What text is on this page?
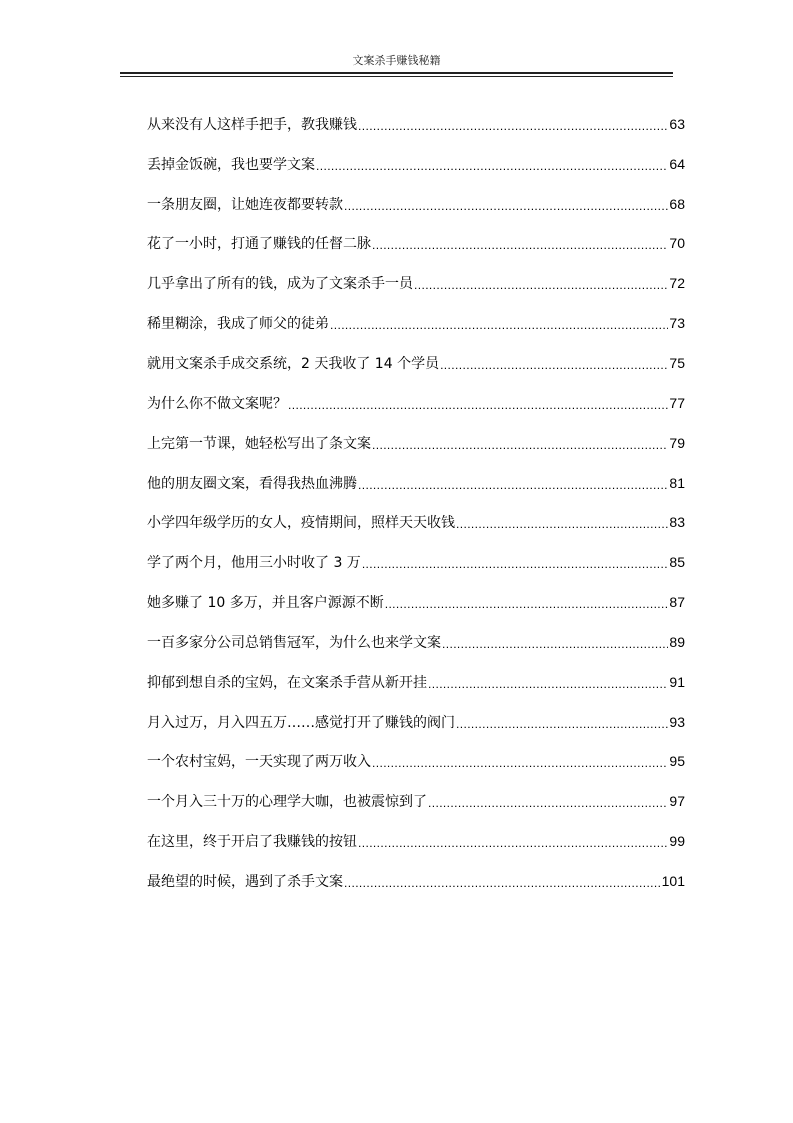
文案杀手赚钱秘籍
从来没有人这样手把手，教我赚钱 .....	63
丢掉金饭碗，我也要学文案 .....	64
一条朋友圈，让她连夜都要转款 .....	68
花了一小时，打通了赚钱的任督二脉 .....	70
几乎拿出了所有的钱，成为了文案杀手一员 .....	72
稀里糊涂，我成了师父的徒弟 .....	73
就用文案杀手成交系统，2 天我收了 14 个学员 .....	75
为什么你不做文案呢？ .....	77
上完第一节课，她轻松写出了条文案 .....	79
他的朋友圈文案，看得我热血沸腾 .....	81
小学四年级学历的女人，疫情期间，照样天天收钱 .....	83
学了两个月，他用三小时收了 3 万 .....	85
她多赚了 10 多万，并且客户源源不断 .....	87
一百多家分公司总销售冠军，为什么也来学文案 .....	89
抑郁到想自杀的宝妈，在文案杀手营从新开挂 .....	91
月入过万，月入四五万……感觉打开了赚钱的阀门 .....	93
一个农村宝妈，一天实现了两万收入 .....	95
一个月入三十万的心理学大咖，也被震惊到了 .....	97
在这里，终于开启了我赚钱的按钮 .....	99
最绝望的时候，遇到了杀手文案 .....	101
